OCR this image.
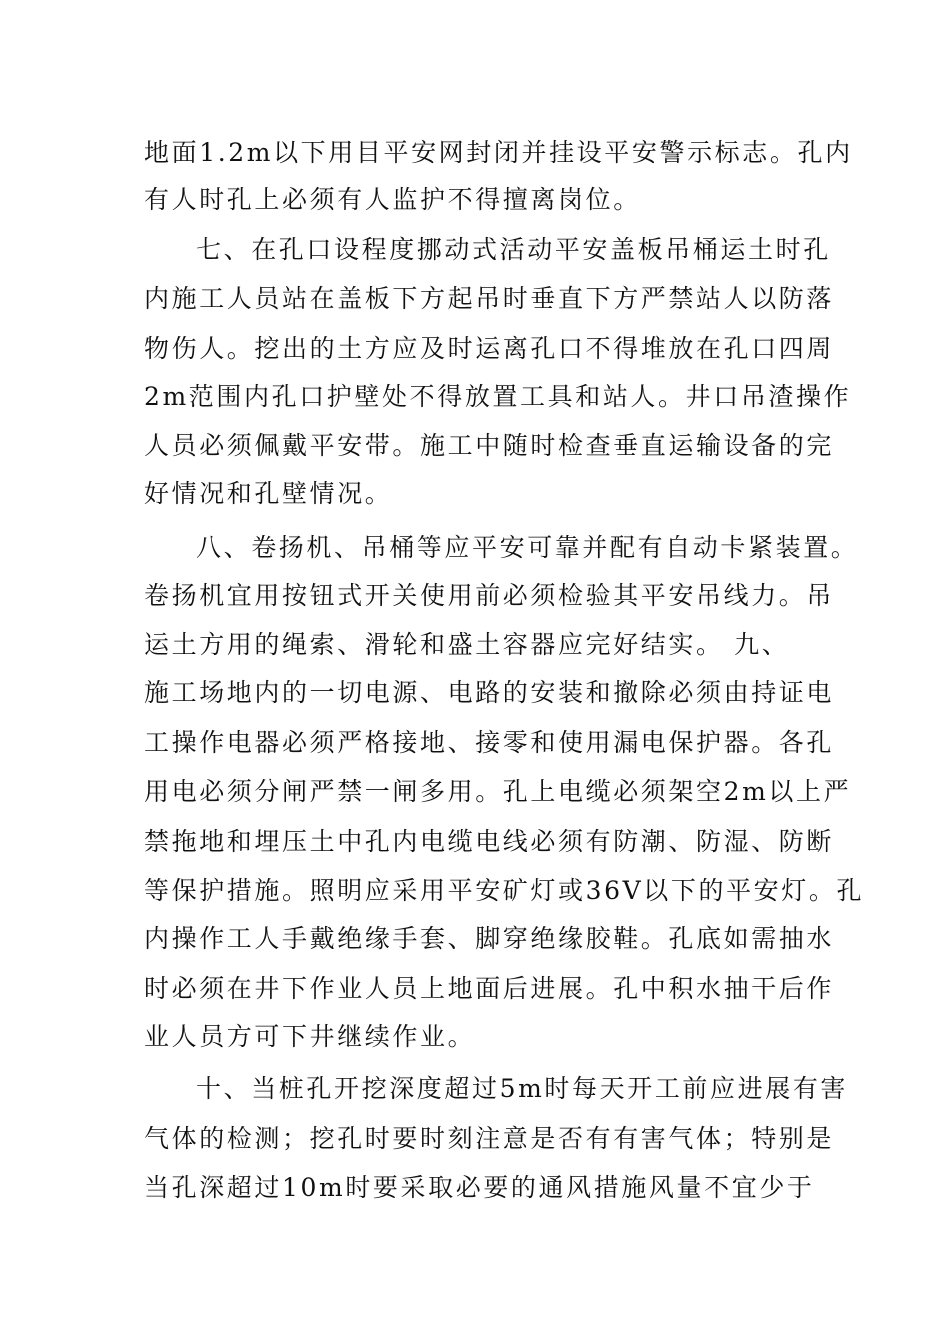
地面1.2m以下用目平安网封闭并挂设平安警示标志。孔内
有人时孔上必须有人监护不得擅离岗位。
七、在孔口设程度挪动式活动平安盖板吊桶运土时孔
内施工人员站在盖板下方起吊时垂直下方严禁站人以防落
物伤人。挖出的土方应及时运离孔口不得堆放在孔口四周
2m范围内孔口护壁处不得放置工具和站人。井口吊渣操作
人员必须佩戴平安带。施工中随时检查垂直运输设备的完
好情况和孔壁情况。
八、卷扬机、吊桶等应平安可靠并配有自动卡紧装置。
卷扬机宜用按钮式开关使用前必须检验其平安吊线力。吊
运土方用的绳索、滑轮和盛土容器应完好结实。 九、
施工场地内的一切电源、电路的安装和撤除必须由持证电
工操作电器必须严格接地、接零和使用漏电保护器。各孔
用电必须分闸严禁一闸多用。孔上电缆必须架空2m以上严
禁拖地和埋压土中孔内电缆电线必须有防潮、防湿、防断
等保护措施。照明应采用平安矿灯或36V以下的平安灯。孔
内操作工人手戴绝缘手套、脚穿绝缘胶鞋。孔底如需抽水
时必须在井下作业人员上地面后进展。孔中积水抽干后作
业人员方可下井继续作业。
十、当桩孔开挖深度超过5m时每天开工前应进展有害
气体的检测；挖孔时要时刻注意是否有有害气体；特别是
当孔深超过10m时要采取必要的通风措施风量不宜少于
